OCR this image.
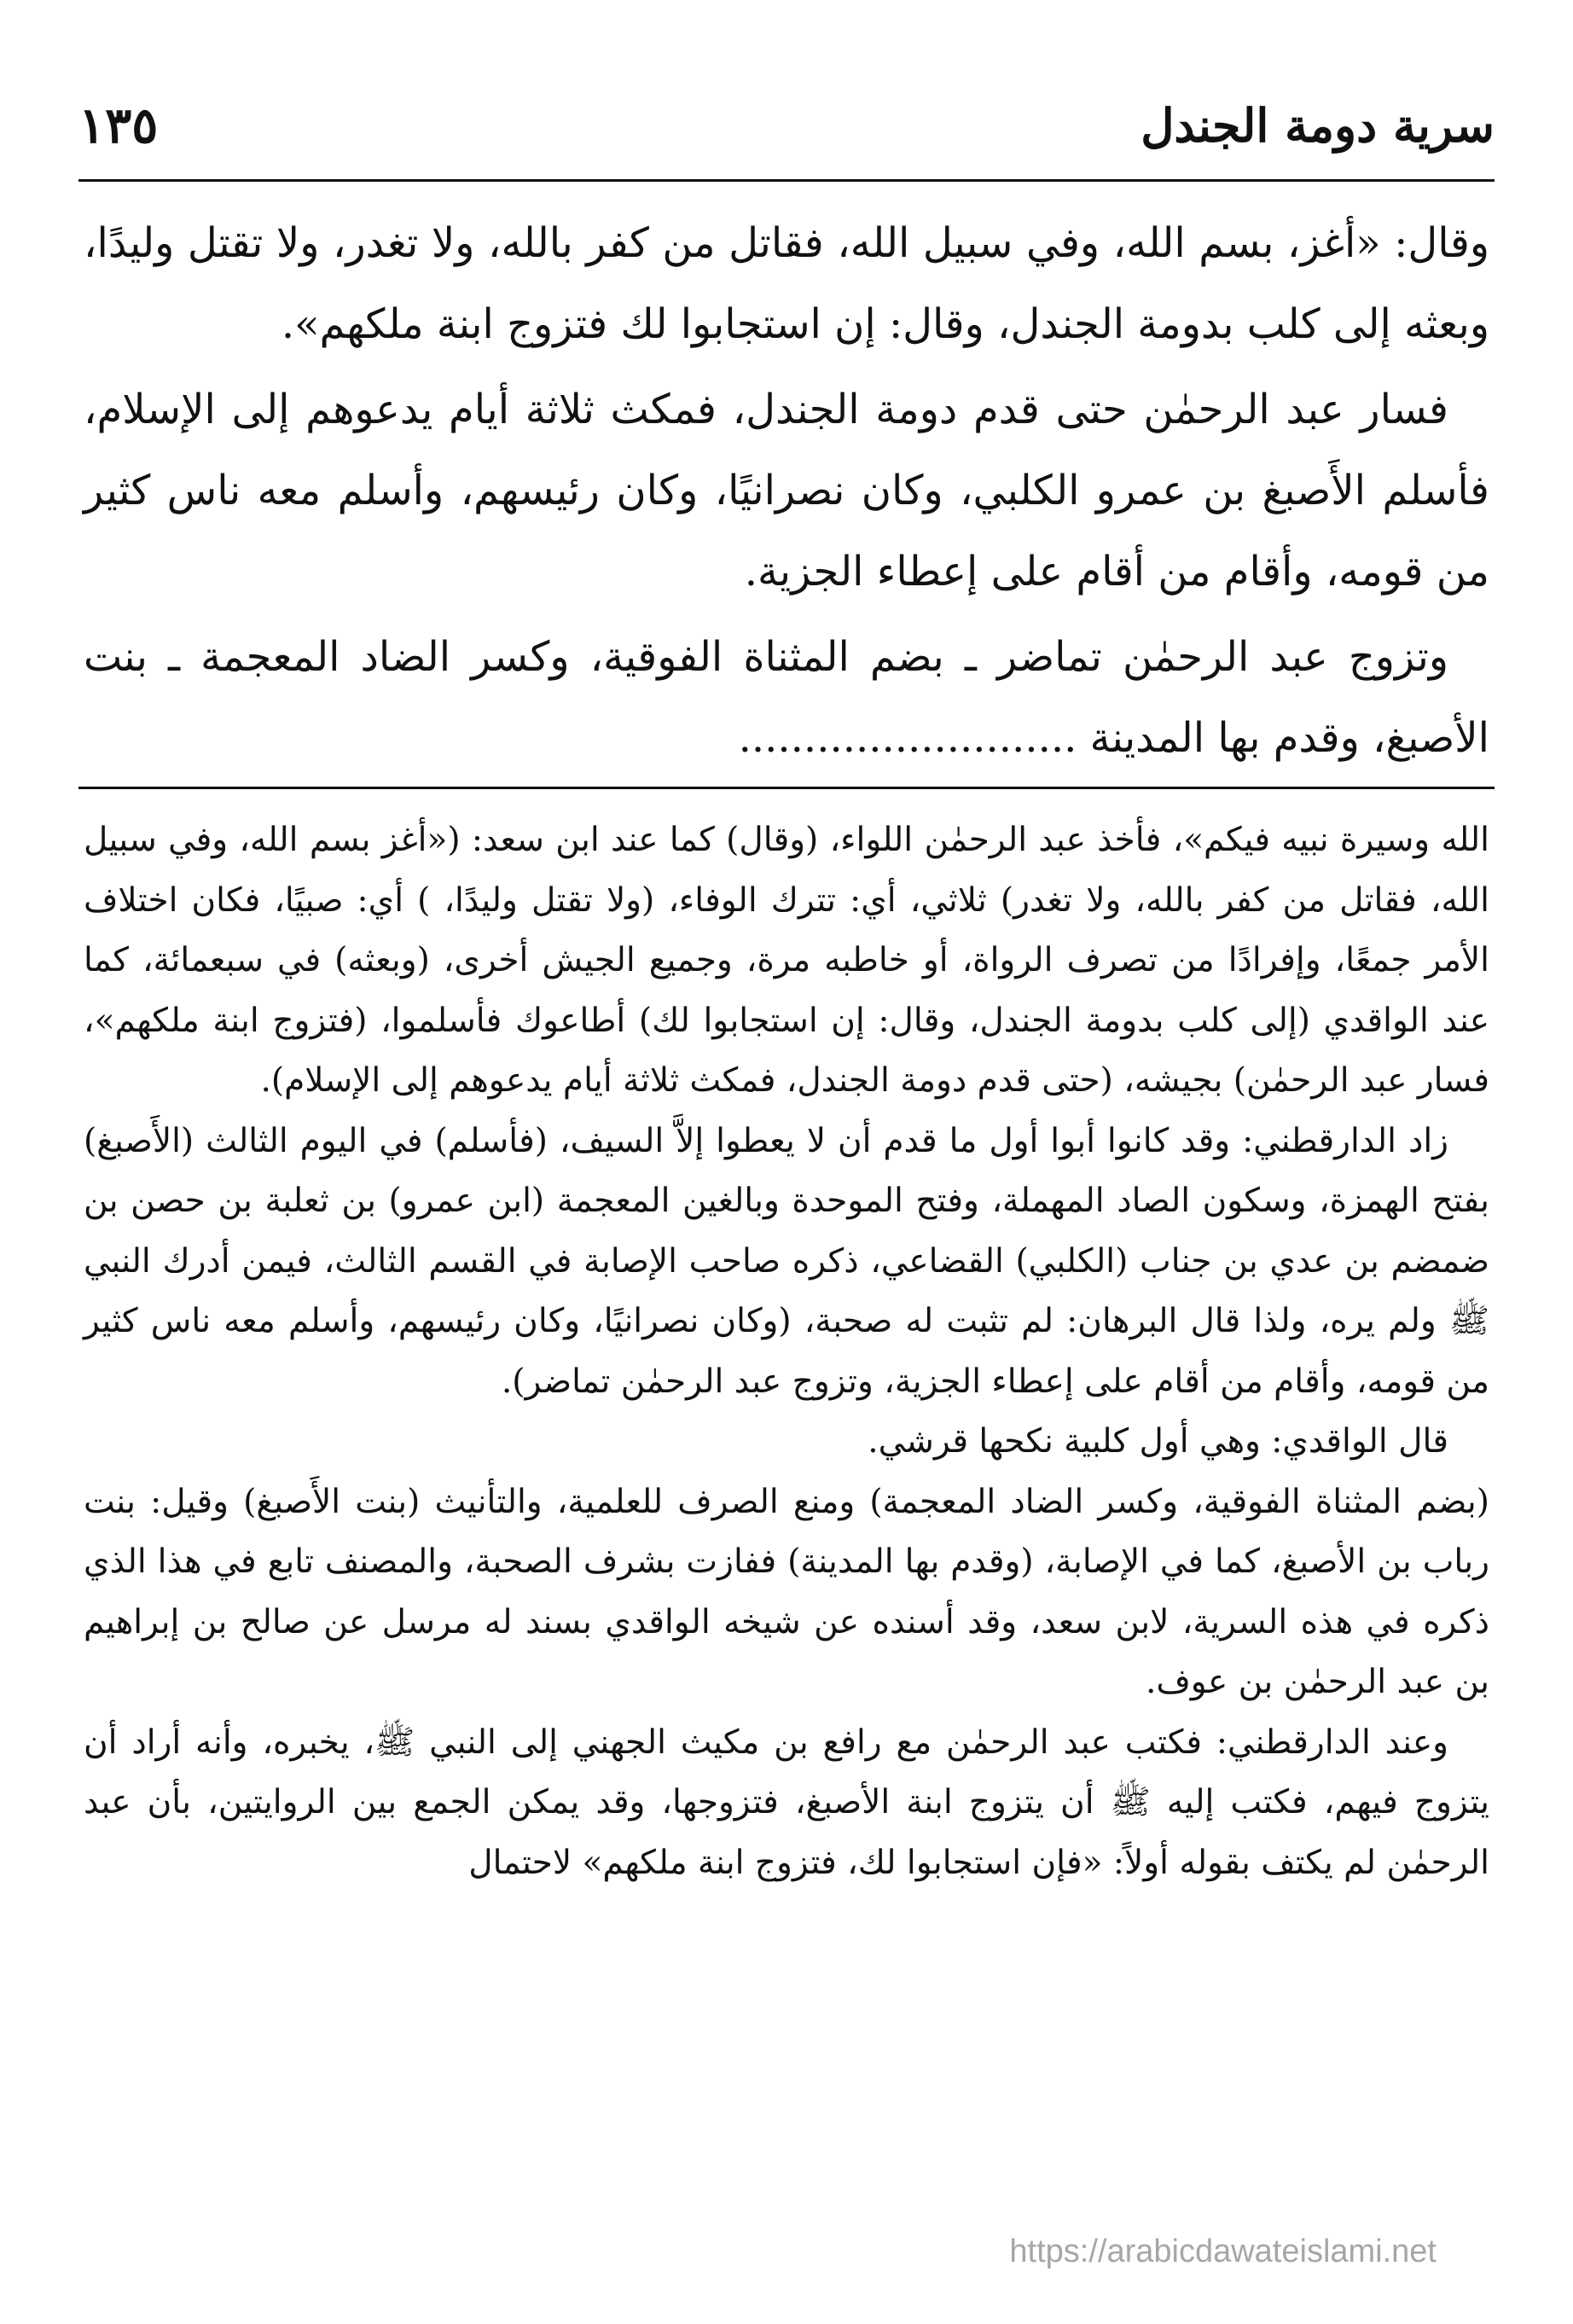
سرية دومة الجندل
١٣٥

وقال: «أغز، بسم الله، وفي سبيل الله، فقاتل من كفر بالله، ولا تغدر، ولا تقتل وليدًا، وبعثه إلى كلب بدومة الجندل، وقال: إن استجابوا لك فتزوج ابنة ملكهم».

فسار عبد الرحمٰن حتى قدم دومة الجندل، فمكث ثلاثة أيام يدعوهم إلى الإسلام، فأسلم الأَصبغ بن عمرو الكلبي، وكان نصرانيًا، وكان رئيسهم، وأسلم معه ناس كثير من قومه، وأقام من أقام على إعطاء الجزية.

وتزوج عبد الرحمٰن تماضر ـ بضم المثناة الفوقية، وكسر الضاد المعجمة ـ بنت الأصبغ، وقدم بها المدينة ..........................

الله وسيرة نبيه فيكم»، فأخذ عبد الرحمٰن اللواء، (وقال) كما عند ابن سعد: («أغز بسم الله، وفي سبيل الله، فقاتل من كفر بالله، ولا تغدر) ثلاثي، أي: تترك الوفاء، (ولا تقتل وليدًا، ) أي: صبيًا، فكان اختلاف الأمر جمعًا، وإفرادًا من تصرف الرواة، أو خاطبه مرة، وجميع الجيش أخرى، (وبعثه) في سبعمائة، كما عند الواقدي (إلى كلب بدومة الجندل، وقال: إن استجابوا لك) أطاعوك فأسلموا، (فتزوج ابنة ملكهم»، فسار عبد الرحمٰن) بجيشه، (حتى قدم دومة الجندل، فمكث ثلاثة أيام يدعوهم إلى الإسلام).

زاد الدارقطني: وقد كانوا أبوا أول ما قدم أن لا يعطوا إلاَّ السيف، (فأسلم) في اليوم الثالث (الأَصبغ) بفتح الهمزة، وسكون الصاد المهملة، وفتح الموحدة وبالغين المعجمة (ابن عمرو) بن ثعلبة بن حصن بن ضمضم بن عدي بن جناب (الكلبي) القضاعي، ذكره صاحب الإصابة في القسم الثالث، فيمن أدرك النبي ﷺ ولم يره، ولذا قال البرهان: لم تثبت له صحبة، (وكان نصرانيًا، وكان رئيسهم، وأسلم معه ناس كثير من قومه، وأقام من أقام على إعطاء الجزية، وتزوج عبد الرحمٰن تماضر).

قال الواقدي: وهي أول كلبية نكحها قرشي.

(بضم المثناة الفوقية، وكسر الضاد المعجمة) ومنع الصرف للعلمية، والتأنيث (بنت الأَصبغ) وقيل: بنت رباب بن الأصبغ، كما في الإصابة، (وقدم بها المدينة) ففازت بشرف الصحبة، والمصنف تابع في هذا الذي ذكره في هذه السرية، لابن سعد، وقد أسنده عن شيخه الواقدي بسند له مرسل عن صالح بن إبراهيم بن عبد الرحمٰن بن عوف.

وعند الدارقطني: فكتب عبد الرحمٰن مع رافع بن مكيث الجهني إلى النبي ﷺ، يخبره، وأنه أراد أن يتزوج فيهم، فكتب إليه ﷺ أن يتزوج ابنة الأصبغ، فتزوجها، وقد يمكن الجمع بين الروايتين، بأن عبد الرحمٰن لم يكتف بقوله أولاً: «فإن استجابوا لك، فتزوج ابنة ملكهم» لاحتمال

https://arabicdawateislami.net
